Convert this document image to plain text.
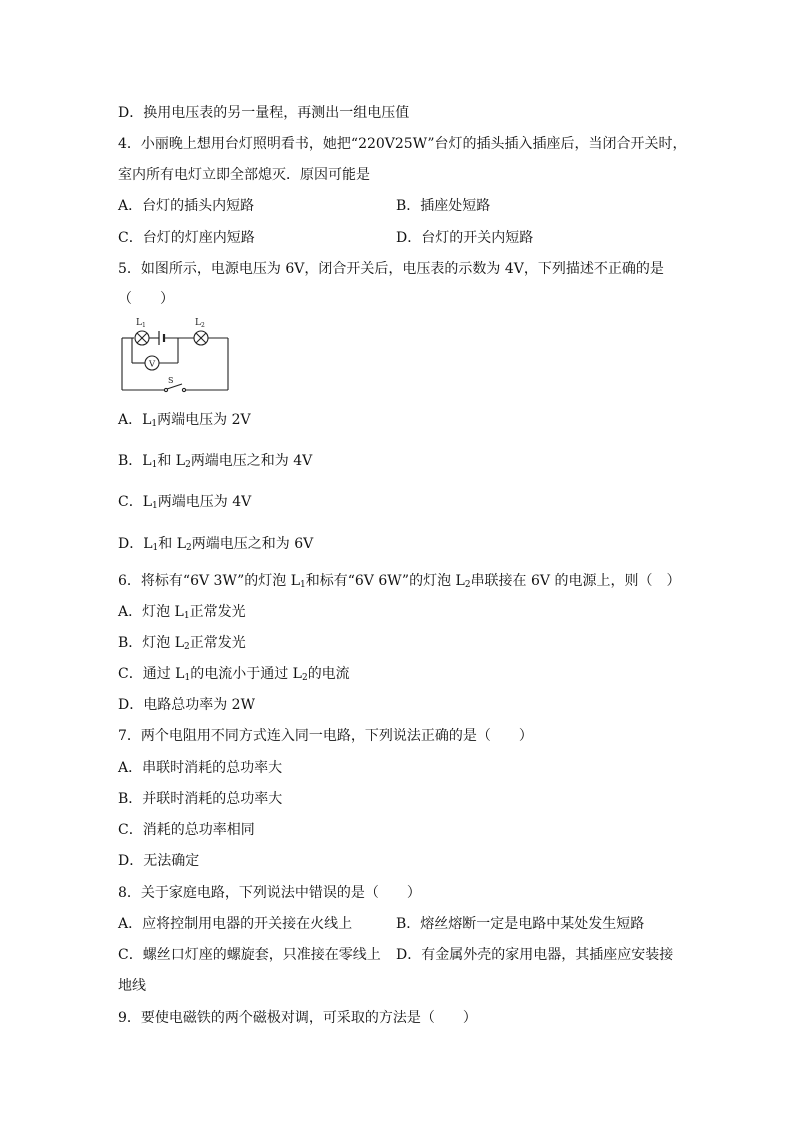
D．换用电压表的另一量程，再测出一组电压值
4．小丽晚上想用台灯照明看书，她把“220V25W”台灯的插头插入插座后，当闭合开关时，
室内所有电灯立即全部熄灭．原因可能是
A．台灯的插头内短路	B．插座处短路
C．台灯的灯座内短路	D．台灯的开关内短路
5．如图所示，电源电压为 6V，闭合开关后，电压表的示数为 4V，下列描述不正确的是
（　　）
$L_1$	$L_2$
V
S
A．$L_1$两端电压为 2V
B．$L_1$和 $L_2$两端电压之和为 4V
C．$L_1$两端电压为 4V
D．$L_1$和 $L_2$两端电压之和为 6V
6．将标有“6V 3W”的灯泡 $L_1$和标有“6V 6W”的灯泡 $L_2$串联接在 6V 的电源上，则（　）
A．灯泡 $L_1$正常发光
B．灯泡 $L_2$正常发光
C．通过 $L_1$的电流小于通过 $L_2$的电流
D．电路总功率为 2W
7．两个电阻用不同方式连入同一电路，下列说法正确的是（　　）
A．串联时消耗的总功率大
B．并联时消耗的总功率大
C．消耗的总功率相同
D．无法确定
8．关于家庭电路，下列说法中错误的是（　　）
A．应将控制用电器的开关接在火线上	B．熔丝熔断一定是电路中某处发生短路
C．螺丝口灯座的螺旋套，只准接在零线上 D．有金属外壳的家用电器，其插座应安装接
地线
9．要使电磁铁的两个磁极对调，可采取的方法是（　　）
